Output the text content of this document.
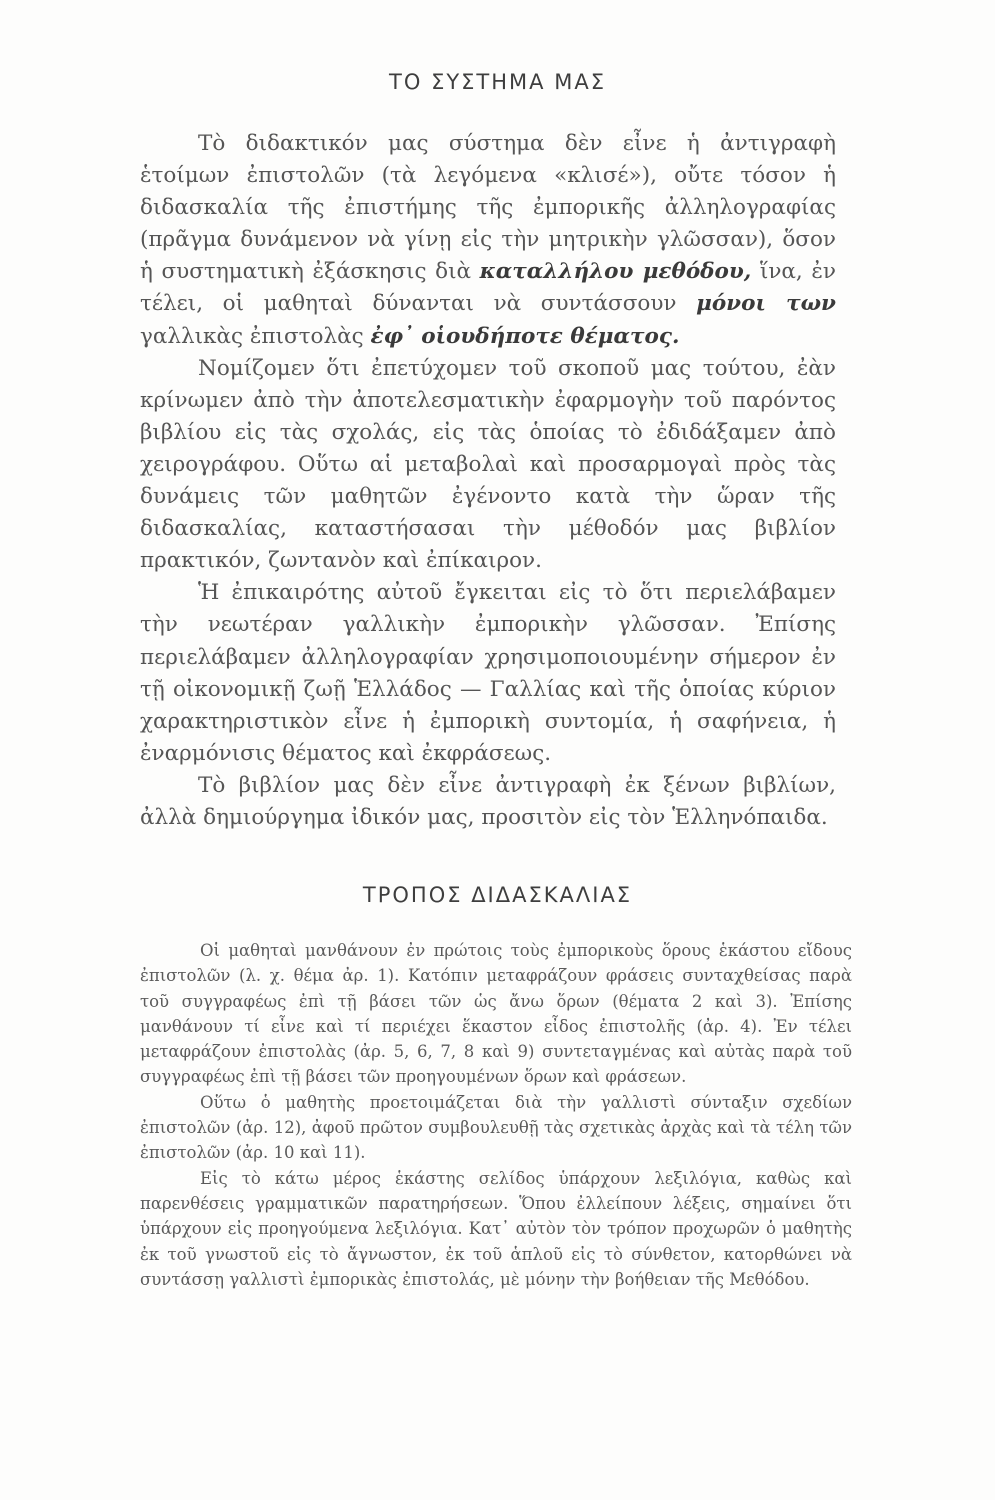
ΤΟ ΣΥΣΤΗΜΑ ΜΑΣ

Τὸ διδακτικόν μας σύστημα δὲν εἶνε ἡ ἀντιγραφὴ ἑτοίμων ἐπιστολῶν (τὰ λεγόμενα «κλισέ»), οὔτε τόσον ἡ διδασκαλία τῆς ἐπιστήμης τῆς ἐμπορικῆς ἀλληλογραφίας (πρᾶγμα δυνάμενον νὰ γίνῃ εἰς τὴν μητρικὴν γλῶσσαν), ὅσον ἡ συστηματικὴ ἐξάσκησις διὰ καταλλήλου μεθόδου, ἵνα, ἐν τέλει, οἱ μαθηταὶ δύνανται νὰ συντάσσουν μόνοι των γαλλικὰς ἐπιστολὰς ἐφ᾽ οἱουδήποτε θέματος.

Νομίζομεν ὅτι ἐπετύχομεν τοῦ σκοποῦ μας τούτου, ἐὰν κρίνωμεν ἀπὸ τὴν ἀποτελεσματικὴν ἐφαρμογὴν τοῦ παρόντος βιβλίου εἰς τὰς σχολάς, εἰς τὰς ὁποίας τὸ ἐδιδάξαμεν ἀπὸ χειρογράφου. Οὕτω αἱ μεταβολαὶ καὶ προσαρμογαὶ πρὸς τὰς δυνάμεις τῶν μαθητῶν ἐγένοντο κατὰ τὴν ὥραν τῆς διδασκαλίας, καταστήσασαι τὴν μέθοδόν μας βιβλίον πρακτικόν, ζωντανὸν καὶ ἐπίκαιρον.

Ἡ ἐπικαιρότης αὐτοῦ ἔγκειται εἰς τὸ ὅτι περιελάβαμεν τὴν νεωτέραν γαλλικὴν ἐμπορικὴν γλῶσσαν. Ἐπίσης περιελάβαμεν ἀλληλογραφίαν χρησιμοποιουμένην σήμερον ἐν τῇ οἰκονομικῇ ζωῇ Ἑλλάδος — Γαλλίας καὶ τῆς ὁποίας κύριον χαρακτηριστικὸν εἶνε ἡ ἐμπορικὴ συντομία, ἡ σαφήνεια, ἡ ἐναρμόνισις θέματος καὶ ἐκφράσεως.

Τὸ βιβλίον μας δὲν εἶνε ἀντιγραφὴ ἐκ ξένων βιβλίων, ἀλλὰ δημιούργημα ἰδικόν μας, προσιτὸν εἰς τὸν Ἑλληνόπαιδα.

ΤΡΟΠΟΣ ΔΙΔΑΣΚΑΛΙΑΣ

Οἱ μαθηταὶ μανθάνουν ἐν πρώτοις τοὺς ἐμπορικοὺς ὅρους ἑκάστου εἴδους ἐπιστολῶν (λ. χ. θέμα ἀρ. 1). Κατόπιν μεταφράζουν φράσεις συνταχθείσας παρὰ τοῦ συγγραφέως ἐπὶ τῇ βάσει τῶν ὡς ἄνω ὅρων (θέματα 2 καὶ 3). Ἐπίσης μανθάνουν τί εἶνε καὶ τί περιέχει ἕκαστον εἶδος ἐπιστολῆς (ἀρ. 4). Ἐν τέλει μεταφράζουν ἐπιστολὰς (ἀρ. 5, 6, 7, 8 καὶ 9) συντεταγμένας καὶ αὐτὰς παρὰ τοῦ συγγραφέως ἐπὶ τῇ βάσει τῶν προηγουμένων ὅρων καὶ φράσεων.

Οὕτω ὁ μαθητὴς προετοιμάζεται διὰ τὴν γαλλιστὶ σύνταξιν σχεδίων ἐπιστολῶν (ἀρ. 12), ἀφοῦ πρῶτον συμβουλευθῇ τὰς σχετικὰς ἀρχὰς καὶ τὰ τέλη τῶν ἐπιστολῶν (ἀρ. 10 καὶ 11).

Εἰς τὸ κάτω μέρος ἑκάστης σελίδος ὑπάρχουν λεξιλόγια, καθὼς καὶ παρενθέσεις γραμματικῶν παρατηρήσεων. Ὅπου ἐλλείπουν λέξεις, σημαίνει ὅτι ὑπάρχουν εἰς προηγούμενα λεξιλόγια. Κατ᾽ αὐτὸν τὸν τρόπον προχωρῶν ὁ μαθητὴς ἐκ τοῦ γνωστοῦ εἰς τὸ ἄγνωστον, ἐκ τοῦ ἁπλοῦ εἰς τὸ σύνθετον, κατορθώνει νὰ συντάσσῃ γαλλιστὶ ἐμπορικὰς ἐπιστολάς, μὲ μόνην τὴν βοήθειαν τῆς Μεθόδου.
